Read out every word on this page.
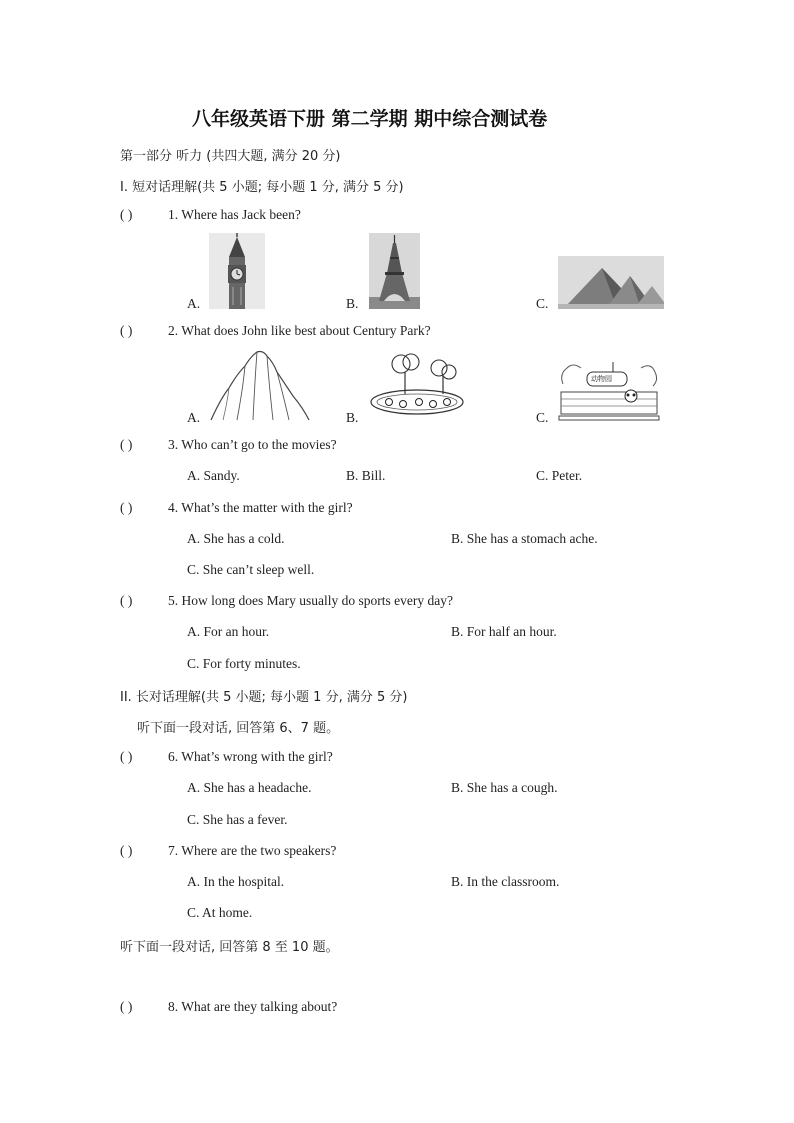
八年级英语下册 第二学期 期中综合测试卷
第一部分 听力 (共四大题, 满分 20 分)
I. 短对话理解(共 5 小题; 每小题 1 分, 满分 5 分)
( )	1. Where has Jack been?
A.	B.	C.
( )	2. What does John like best about Century Park?
A.	B.	C.
动物园
( )	3. Who can’t go to the movies?
A. Sandy.	B. Bill.	C. Peter.
( )	4. What’s the matter with the girl?
A. She has a cold.	B. She has a stomach ache.
C. She can’t sleep well.
( )	5. How long does Mary usually do sports every day?
A. For an hour.	B. For half an hour.
C. For forty minutes.
II. 长对话理解(共 5 小题; 每小题 1 分, 满分 5 分)
听下面一段对话, 回答第 6、7 题。
( )	6. What’s wrong with the girl?
A. She has a headache.	B. She has a cough.
C. She has a fever.
( )	7. Where are the two speakers?
A. In the hospital.	B. In the classroom.
C. At home.
听下面一段对话, 回答第 8 至 10 题。
( )	8. What are they talking about?
